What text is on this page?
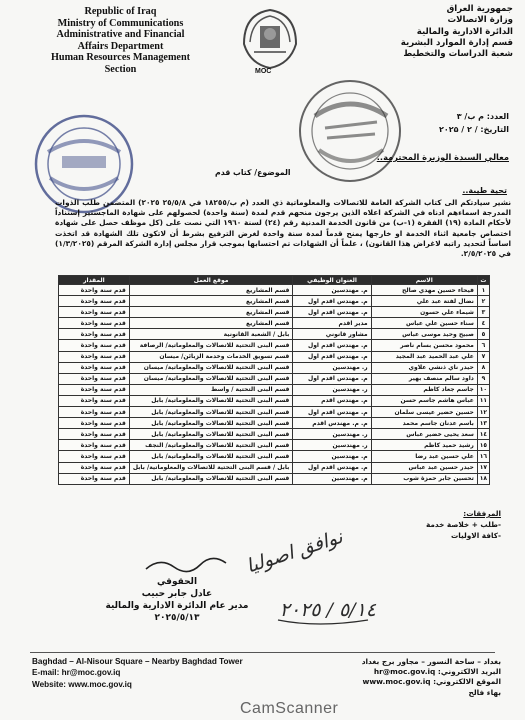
Republic of Iraq
Ministry of Communications
Administrative and Financial
Affairs Department
Human Resources Management
Section	MOC
جمهورية العراق
وزارة الاتصالات
الدائرة الادارية والمالية
قسم إدارة الموارد البشرية
شعبة الدراسات والتخطيط
العدد: م ب/ ٣
التاريخ: / ۲ / ۲۰۲۵
معالي السيدة الوزيرة المحترمة..
الموضوع/ كتاب قدم
تحية طيبة..
نشير سيادتكم الى كتاب الشركة العامة للاتصالات والمعلوماتية ذي العدد (م ب/١٨٢٥٥ في ٢٥/٥/٨ ٢٠٢٥) المتضمن طلب الذوات المدرجة اسماءهم ادناه في الشركة اعلاه الذين يرجون منحهم قدم لمدة (سنة واحدة) لحصولهم على شهادة الماجستير إستناداً لأحكام المادة (١٩) الفقرة (١-ب) من قانون الخدمة المدنية رقم (٢٤) لسنة ١٩٦٠ التي نصت على (كل موظف حصل على شهادة اختصاص جامعية اثناء الخدمة او خارجها يمنح قدماً لمدة سنة واحدة لغرض الترفيع بشرط أن لاتكون تلك الشهادة قد اتخذت اساساً لتحديد راتبه لاغراض هذا القانون) ، علماً أن الشهادات تم احتسابها بموجب قرار مجلس إدارة الشركة المرقم (١/٣/٢٠٢٥) في ٢/٥/٢٠٢٥.
ت	الاسم	العنوان الوظيفي	موقع العمل	المقدار
١	فيحاء حسين مهدي صالح	م. مهندسين	قسم المشاريع	قدم سنة واحدة
٢	نضال لفتة عبد علي	م. مهندس اقدم اول	قسم المشاريع	قدم سنة واحدة
٣	شيماء علي حسون	م. مهندس اقدم اول	قسم المشاريع	قدم سنة واحدة
٤	سناء حسين علي عباس	مدير اقدم	قسم المشاريع	قدم سنة واحدة
٥	صبيح وحيد موسى عباس	مشاور قانوني	بابل / الشعبة القانونية	قدم سنة واحدة
٦	محمود محسن بسام ناصر	م. مهندس اقدم اول	قسم البنى التحتية للاتصالات والمعلوماتية/ الرصافة	قدم سنة واحدة
٧	علي عبد الحميد عبد المجيد	م. مهندس اقدم اول	قسم تسويق الخدمات وخدمة الزبائن/ ميسان	قدم سنة واحدة
٨	حيدر ناي ذنشي علاوي	ر. مهندسين	قسم البنى التحتية للاتصالات والمعلوماتية/ ميسان	قدم سنة واحدة
٩	داود سالم منصف بهير	م. مهندس اقدم اول	قسم البنى التحتية للاتصالات والمعلوماتية/ ميسان	قدم سنة واحدة
١٠	جاسم جعاد كاظم	ر. مهندسين	قسم البنى التحتية / واسط	قدم سنة واحدة
١١	عباس هاشم جاسم حسن	م. مهندس اقدم	قسم البنى التحتية للاتصالات والمعلوماتية/ بابل	قدم سنة واحدة
١٢	حسين خضير عيسى سلمان	م. مهندس اقدم اول	قسم البنى التحتية للاتصالات والمعلوماتية/ بابل	قدم سنة واحدة
١٣	باسم عدنان جاسم محمد	م. م. مهندس اقدم	قسم البنى التحتية للاتصالات والمعلوماتية/ بابل	قدم سنة واحدة
١٤	سعد يحيى خضير عباس	ر. مهندسين	قسم البنى التحتية للاتصالات والمعلوماتية/ بابل	قدم سنة واحدة
١٥	رشيد حميد كاظم	ر. مهندسين	قسم البنى التحتية للاتصالات والمعلوماتية/ النجف	قدم سنة واحدة
١٦	علي حسين عبد رضا	م. مهندسين	قسم البنى التحتية للاتصالات والمعلوماتية/ بابل	قدم سنة واحدة
١٧	حيدر حسين عبد عباس	م. مهندس اقدم اول	بابل / قسم البنى التحتية للاتصالات والمعلوماتية/ بابل	قدم سنة واحدة
١٨	تحسين جابر حمزة شوب	م. مهندسين	قسم البنى التحتية للاتصالات والمعلوماتية/ بابل	قدم سنة واحدة
المرفقات:
-طلب + خلاصة خدمة
-كافة الاوليات
نوافق اصوليا
٥/١٤ / ٢٠٢٥
الحقوقي
عادل جابر حبيب
مدير عام الدائرة الادارية والمالية
٢٠٢٥/٥/١٣
Baghdad – Al-Nisour Square – Nearby Baghdad Tower
E-mail: hr@moc.gov.iq
Website: www.moc.gov.iq
بغداد – ساحة النسور – مجاور برج بغداد
البريد الالكتروني: hr@moc.gov.iq
الموقع الالكتروني: www.moc.gov.iq
بهاء فالح
CamScanner
